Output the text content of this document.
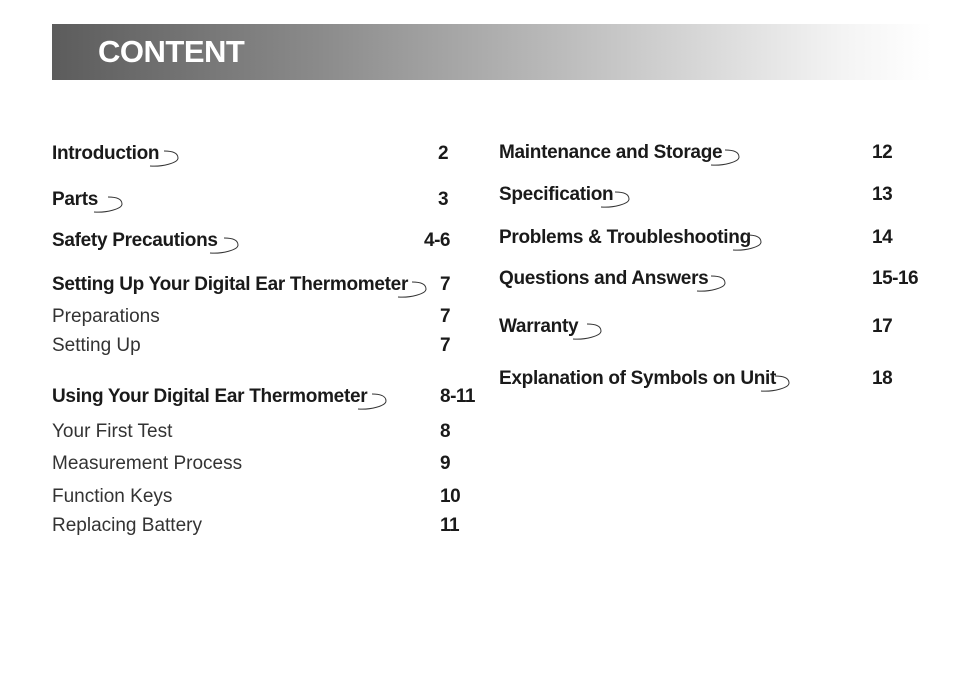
CONTENT
Introduction	2
Parts	3
Safety Precautions	4-6
Setting Up Your Digital Ear Thermometer 7
Preparations	7
Setting Up	7
Using Your Digital Ear Thermometer	8-11
Your First Test	8
Measurement Process	9
Function Keys	10
Replacing Battery	11
Maintenance and Storage	12
Specification	13
Problems & Troubleshooting	14
Questions and Answers	15-16
Warranty	17
Explanation of Symbols on Unit	18
